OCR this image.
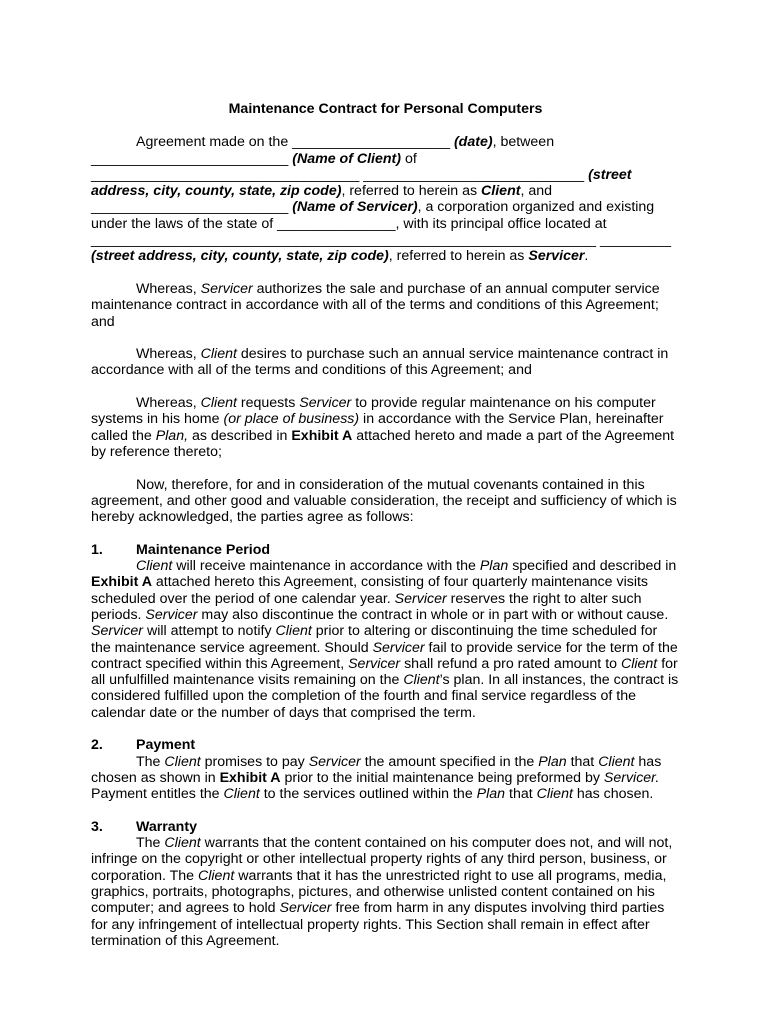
Maintenance Contract for Personal Computers

Agreement made on the ____________________ (date), between _________________________ (Name of Client) of __________________________________ ____________________________ (street address, city, county, state, zip code), referred to herein as Client, and _________________________ (Name of Servicer), a corporation organized and existing under the laws of the state of _______________, with its principal office located at ________________________________________________________________ _________ (street address, city, county, state, zip code), referred to herein as Servicer.

Whereas, Servicer authorizes the sale and purchase of an annual computer service maintenance contract in accordance with all of the terms and conditions of this Agreement; and

Whereas, Client desires to purchase such an annual service maintenance contract in accordance with all of the terms and conditions of this Agreement; and

Whereas, Client requests Servicer to provide regular maintenance on his computer systems in his home (or place of business) in accordance with the Service Plan, hereinafter called the Plan, as described in Exhibit A attached hereto and made a part of the Agreement by reference thereto;

Now, therefore, for and in consideration of the mutual covenants contained in this agreement, and other good and valuable consideration, the receipt and sufficiency of which is hereby acknowledged, the parties agree as follows:

1.	Maintenance Period

Client will receive maintenance in accordance with the Plan specified and described in Exhibit A attached hereto this Agreement, consisting of four quarterly maintenance visits scheduled over the period of one calendar year. Servicer reserves the right to alter such periods. Servicer may also discontinue the contract in whole or in part with or without cause. Servicer will attempt to notify Client prior to altering or discontinuing the time scheduled for the maintenance service agreement. Should Servicer fail to provide service for the term of the contract specified within this Agreement, Servicer shall refund a pro rated amount to Client for all unfulfilled maintenance visits remaining on the Client’s plan. In all instances, the contract is considered fulfilled upon the completion of the fourth and final service regardless of the calendar date or the number of days that comprised the term.

2.	Payment

The Client promises to pay Servicer the amount specified in the Plan that Client has chosen as shown in Exhibit A prior to the initial maintenance being preformed by Servicer. Payment entitles the Client to the services outlined within the Plan that Client has chosen.

3.	Warranty

The Client warrants that the content contained on his computer does not, and will not, infringe on the copyright or other intellectual property rights of any third person, business, or corporation. The Client warrants that it has the unrestricted right to use all programs, media, graphics, portraits, photographs, pictures, and otherwise unlisted content contained on his computer; and agrees to hold Servicer free from harm in any disputes involving third parties for any infringement of intellectual property rights. This Section shall remain in effect after termination of this Agreement.
